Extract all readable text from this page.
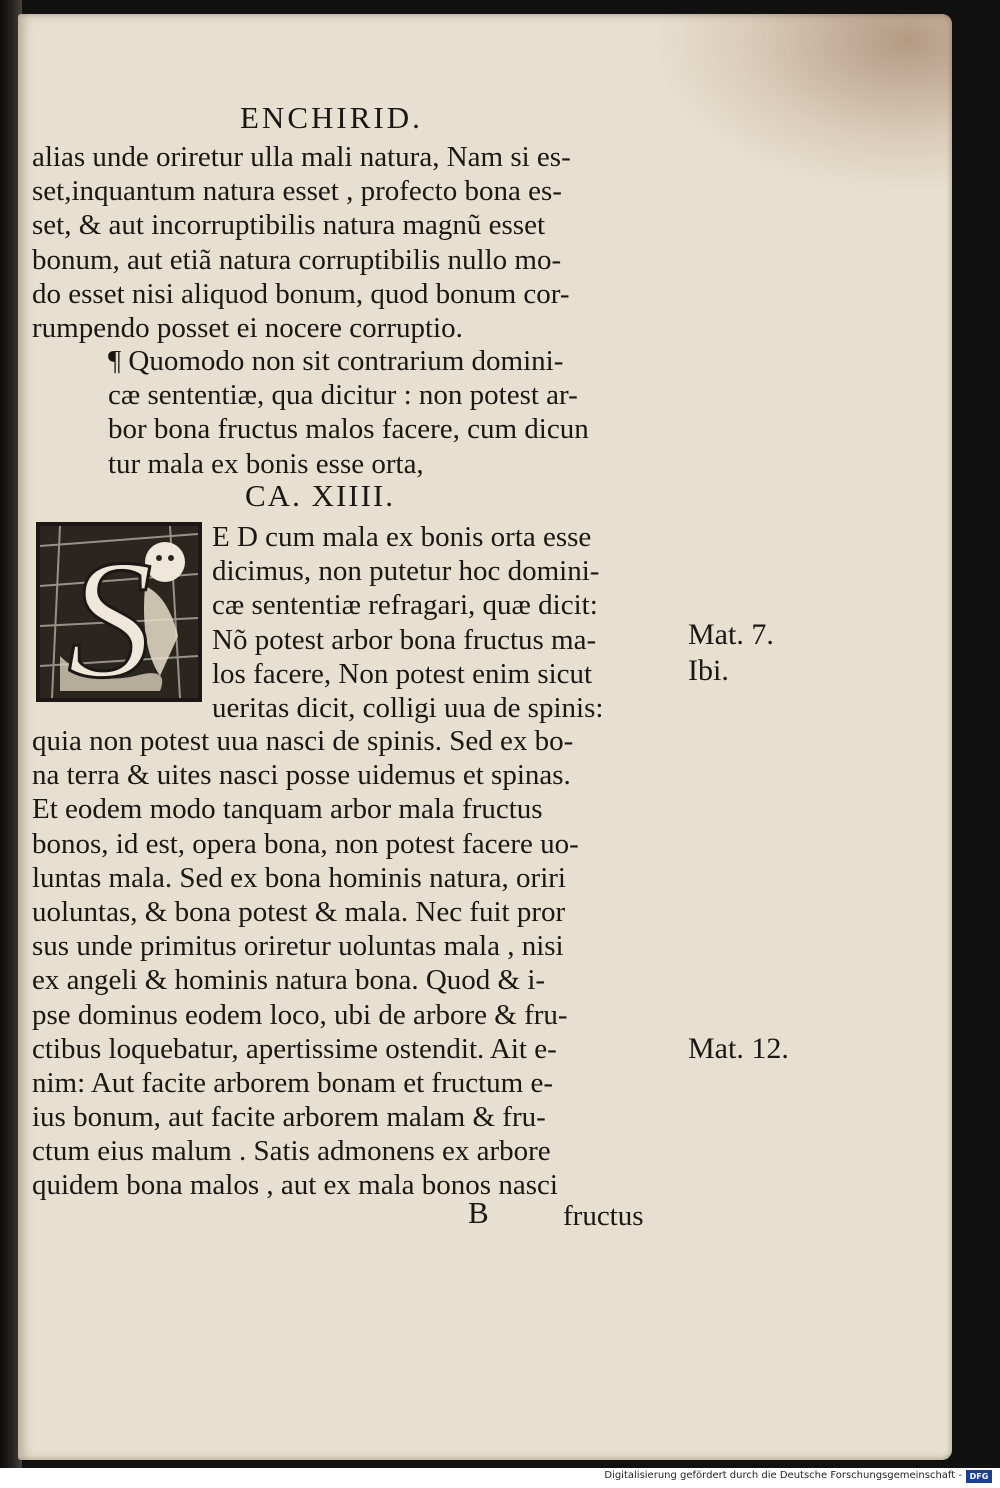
ENCHIRID.
alias unde oriretur ulla mali natura, Nam si es-
set,inquantum natura esset , profecto bona es-
set, & aut incorruptibilis natura magnũ esset
bonum, aut etiã natura corruptibilis nullo mo-
do esset nisi aliquod bonum, quod bonum cor-
rumpendo posset ei nocere corruptio.
¶ Quomodo non sit contrarium domini-
cæ sententiæ, qua dicitur : non potest ar-
bor bona fructus malos facere, cum dicun
tur mala ex bonis esse orta,
CA. XIIII.
S E D cum mala ex bonis orta esse
dicimus, non putetur hoc domini-
cæ sententiæ refragari, quæ dicit:
Nõ potest arbor bona fructus ma-
los facere, Non potest enim sicut
ueritas dicit, colligi uua de spinis:
quia non potest uua nasci de spinis. Sed ex bo-
na terra & uites nasci posse uidemus et spinas.
Et eodem modo tanquam arbor mala fructus
bonos, id est, opera bona, non potest facere uo-
luntas mala. Sed ex bona hominis natura, oriri
uoluntas, & bona potest & mala. Nec fuit pror
sus unde primitus oriretur uoluntas mala , nisi
ex angeli & hominis natura bona. Quod & i-
pse dominus eodem loco, ubi de arbore & fru-
ctibus loquebatur, apertissime ostendit. Ait e-
nim: Aut facite arborem bonam et fructum e-
ius bonum, aut facite arborem malam & fru-
ctum eius malum . Satis admonens ex arbore
quidem bona malos , aut ex mala bonos nasci
Mat. 7.
Ibi.
Mat. 12.
B	fructus
Digitalisierung gefördert durch die Deutsche Forschungsgemeinschaft - DFG
